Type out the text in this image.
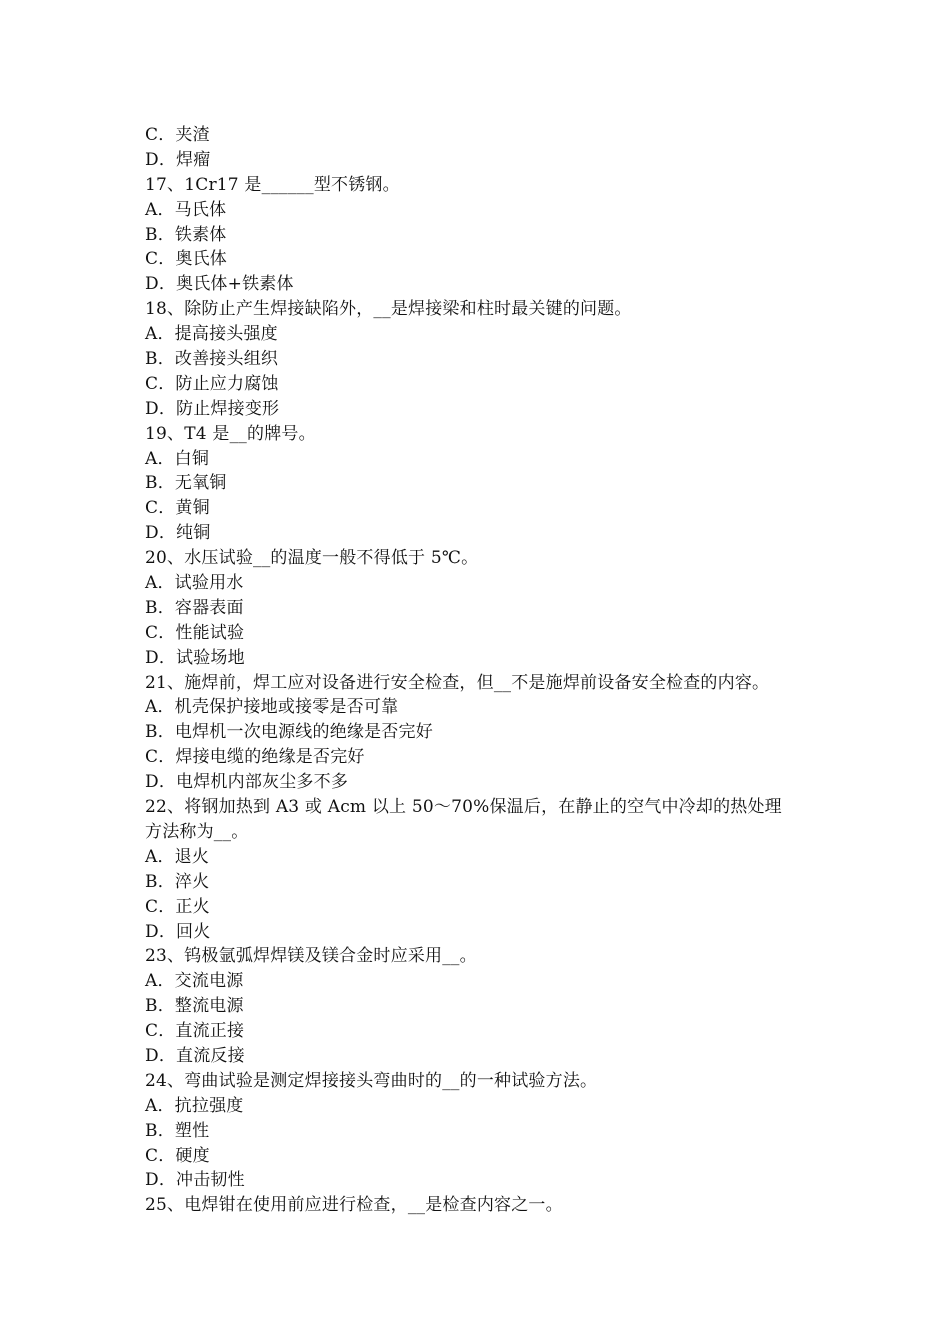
C．夹渣
D．焊瘤
17、1Cr17 是______型不锈钢。
A．马氏体
B．铁素体
C．奥氏体
D．奥氏体+铁素体
18、除防止产生焊接缺陷外，__是焊接梁和柱时最关键的问题。
A．提高接头强度
B．改善接头组织
C．防止应力腐蚀
D．防止焊接变形
19、T4 是__的牌号。
A．白铜
B．无氧铜
C．黄铜
D．纯铜
20、水压试验__的温度一般不得低于 5℃。
A．试验用水
B．容器表面
C．性能试验
D．试验场地
21、施焊前，焊工应对设备进行安全检查，但__不是施焊前设备安全检查的内容。
A．机壳保护接地或接零是否可靠
B．电焊机一次电源线的绝缘是否完好
C．焊接电缆的绝缘是否完好
D．电焊机内部灰尘多不多
22、将钢加热到 A3 或 Acm 以上 50～70%保温后，在静止的空气中冷却的热处理
方法称为__。
A．退火
B．淬火
C．正火
D．回火
23、钨极氩弧焊焊镁及镁合金时应采用__。
A．交流电源
B．整流电源
C．直流正接
D．直流反接
24、弯曲试验是测定焊接接头弯曲时的__的一种试验方法。
A．抗拉强度
B．塑性
C．硬度
D．冲击韧性
25、电焊钳在使用前应进行检查，__是检查内容之一。
